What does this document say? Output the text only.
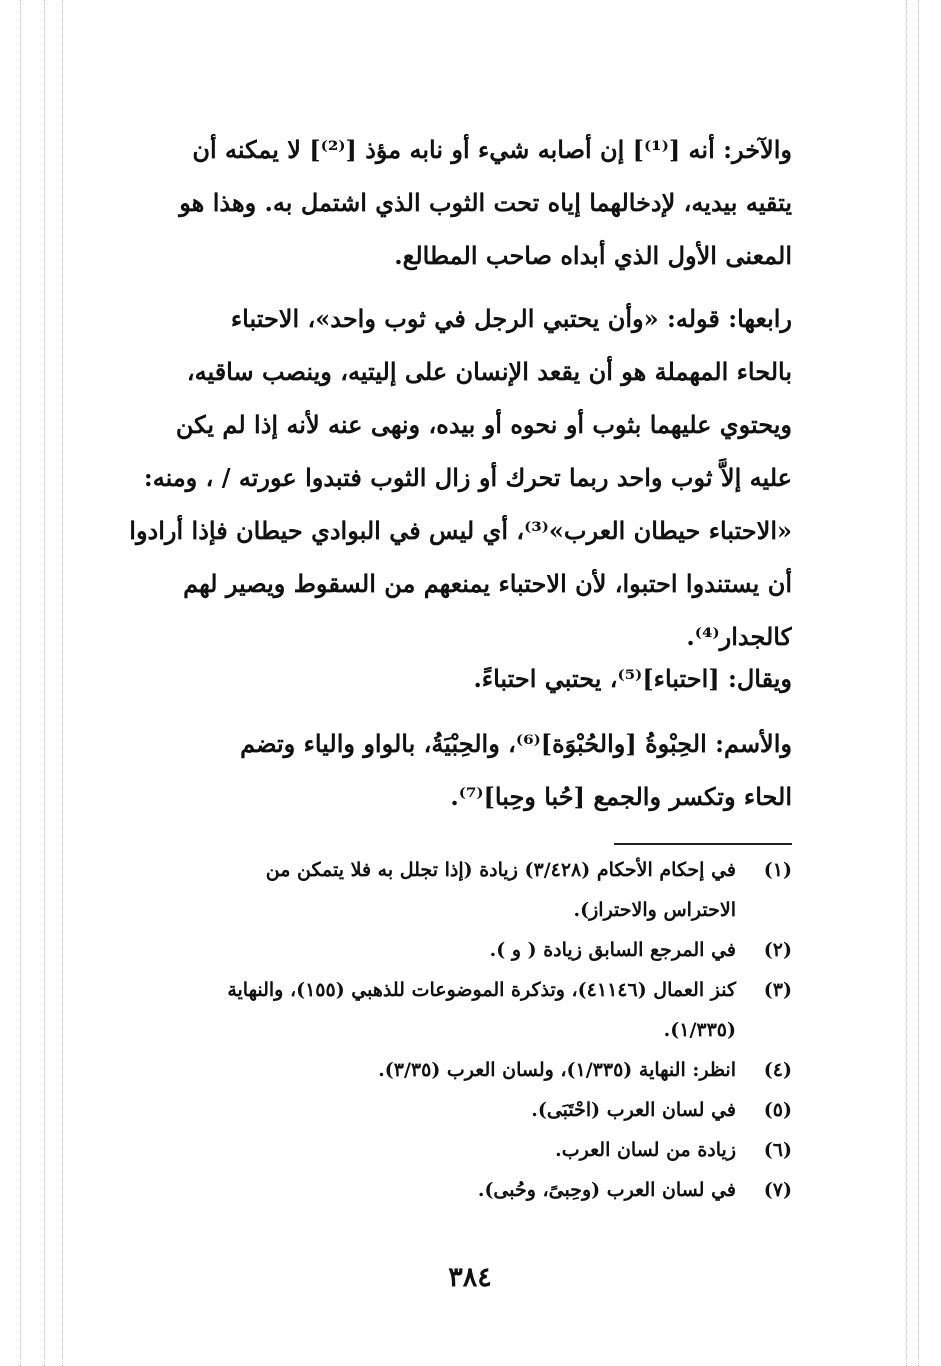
والآخر: أنه [⁽¹⁾] إن أصابه شيء أو نابه مؤذ [⁽²⁾] لا يمكنه أن
يتقيه بيديه، لإدخالهما إياه تحت الثوب الذي اشتمل به. وهذا هو
المعنى الأول الذي أبداه صاحب المطالع.
رابعها: قوله: «وأن يحتبي الرجل في ثوب واحد»، الاحتباء
بالحاء المهملة هو أن يقعد الإنسان على إليتيه، وينصب ساقيه،
ويحتوي عليهما بثوب أو نحوه أو بيده، ونهى عنه لأنه إذا لم يكن
عليه إلاَّ ثوب واحد ربما تحرك أو زال الثوب فتبدوا عورته / ، ومنه:
«الاحتباء حيطان العرب»⁽³⁾، أي ليس في البوادي حيطان فإذا أرادوا
أن يستندوا احتبوا، لأن الاحتباء يمنعهم من السقوط ويصير لهم
كالجدار⁽⁴⁾.
ويقال: [احتباء]⁽⁵⁾، يحتبي احتباءً.
والأسم: الحِبْوةُ [والحُبْوَة]⁽⁶⁾، والحِبْيَةُ، بالواو والياء وتضم
الحاء وتكسر والجمع [حُبا وحِبا]⁽⁷⁾.
(١)
في إحكام الأحكام (٣/٤٢٨) زيادة (إذا تجلل به فلا يتمكن من
الاحتراس والاحتراز).
(٢)
في المرجع السابق زيادة ( و ).
(٣)
كنز العمال (٤١١٤٦)، وتذكرة الموضوعات للذهبي (١٥٥)، والنهاية
(١/٣٣٥).
(٤)
انظر: النهاية (١/٣٣٥)، ولسان العرب (٣/٣٥).
(٥)
في لسان العرب (احْتَبَى).
(٦)
زيادة من لسان العرب.
(٧)
في لسان العرب (وحِبىً، وحُبى).
٣٨٤
